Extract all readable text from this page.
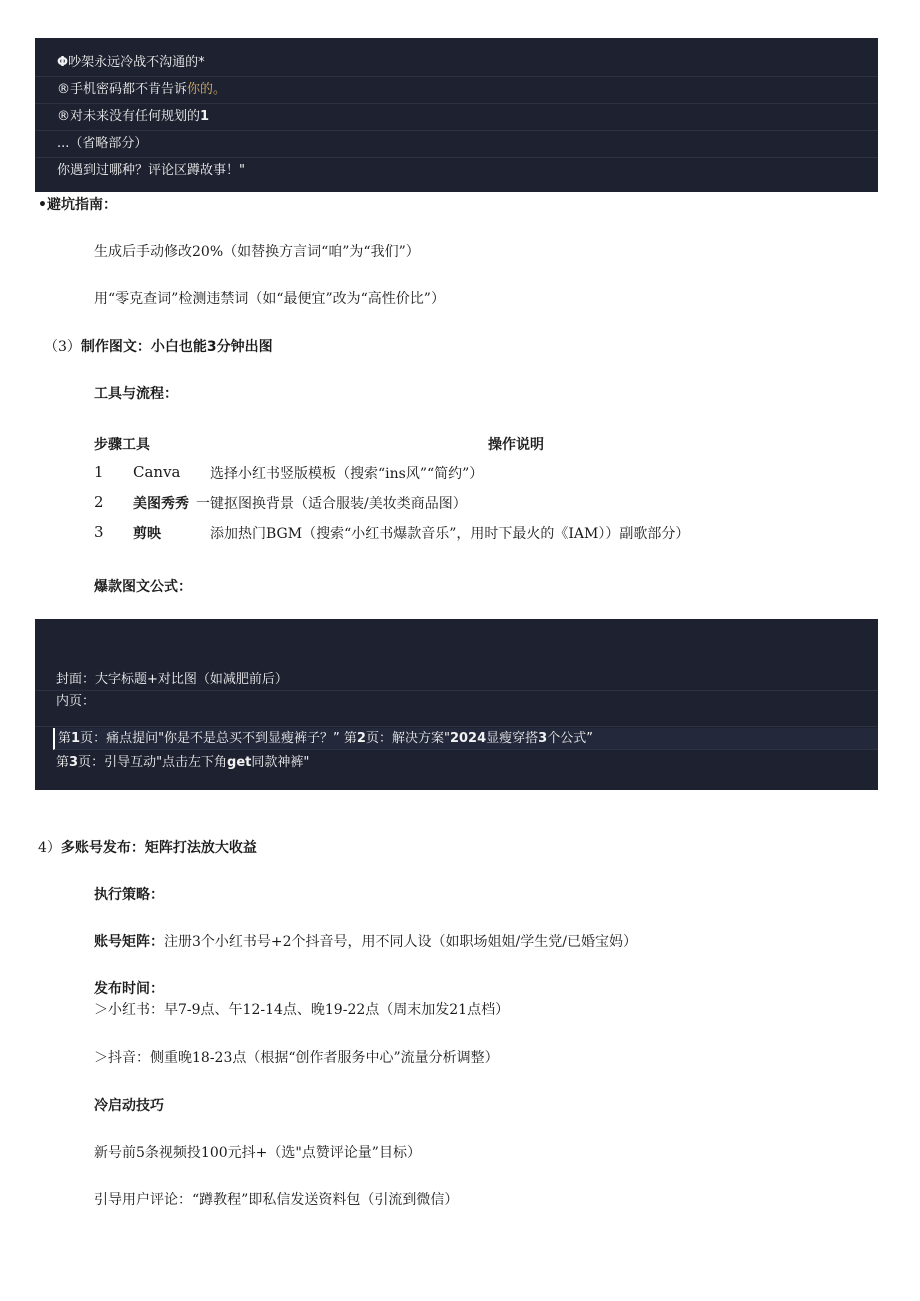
Φ吵架永远冷战不沟通的*
®手机密码都不肯告诉你的。
®对未来没有任何规划的1
...（省略部分）
你遇到过哪种？评论区蹲故事！"
•避坑指南：
生成后手动修改20%（如替换方言词“咱”为“我们”）
用“零克查词”检测违禁词（如“最便宜”改为“高性价比”）
（3）制作图文：小白也能3分钟出图
工具与流程：
步骤工具	操作说明
1	Canva	选择小红书竖版模板（搜索“ins风”“简约”）
2	美图秀秀 一键抠图换背景（适合服装/美妆类商品图）
3	剪映	添加热门BGM（搜索“小红书爆款音乐”，用时下最火的《IAM））副歌部分）
爆款图文公式：
封面：大字标题+对比图（如减肥前后）
内页：
第1页：痛点提问"你是不是总买不到显瘦裤子？” 第2页：解决方案"2024显瘦穿搭3个公式”
第3页：引导互动"点击左下角get同款神裤"
4）多账号发布：矩阵打法放大收益
执行策略：
账号矩阵：注册3个小红书号+2个抖音号，用不同人设（如职场姐姐/学生党/已婚宝妈）
发布时间：
＞小红书：早7-9点、午12-14点、晚19-22点（周末加发21点档）
＞抖音：侧重晚18-23点（根据“创作者服务中心”流量分析调整）
冷启动技巧
新号前5条视频投100元抖+（选"点赞评论量”目标）
引导用户评论：“蹲教程”即私信发送资料包（引流到微信）
